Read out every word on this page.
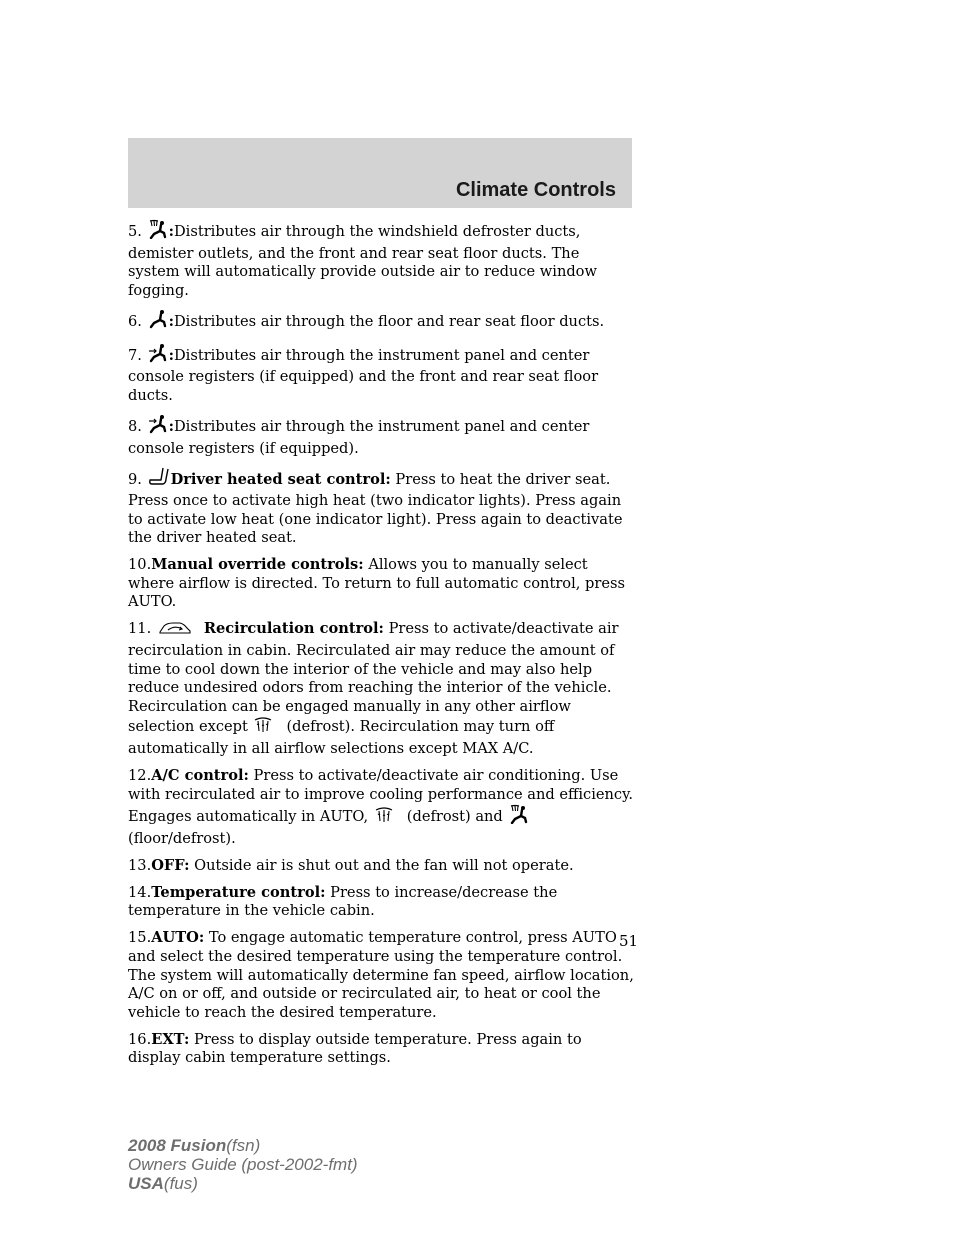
Climate Controls

5. :Distributes air through the windshield defroster ducts, demister outlets, and the front and rear seat floor ducts. The system will automatically provide outside air to reduce window fogging.

6. :Distributes air through the floor and rear seat floor ducts.

7. :Distributes air through the instrument panel and center console registers (if equipped) and the front and rear seat floor ducts.

8. :Distributes air through the instrument panel and center console registers (if equipped).

9. Driver heated seat control: Press to heat the driver seat. Press once to activate high heat (two indicator lights). Press again to activate low heat (one indicator light). Press again to deactivate the driver heated seat.

10.Manual override controls: Allows you to manually select where airflow is directed. To return to full automatic control, press AUTO.

11.	Recirculation control: Press to activate/deactivate air recirculation in cabin. Recirculated air may reduce the amount of time to cool down the interior of the vehicle and may also help reduce undesired odors from reaching the interior of the vehicle. Recirculation can be engaged manually in any other airflow selection except	(defrost). Recirculation may turn off automatically in all airflow selections except MAX A/C.

12.A/C control: Press to activate/deactivate air conditioning. Use with recirculated air to improve cooling performance and efficiency. Engages automatically in AUTO,	(defrost) and (floor/defrost).

13.OFF: Outside air is shut out and the fan will not operate.

14.Temperature control: Press to increase/decrease the temperature in the vehicle cabin.

15.AUTO: To engage automatic temperature control, press AUTO and select the desired temperature using the temperature control. The system will automatically determine fan speed, airflow location, A/C on or off, and outside or recirculated air, to heat or cool the vehicle to reach the desired temperature.

16.EXT: Press to display outside temperature. Press again to display cabin temperature settings.

51
2008 Fusion(fsn)
Owners Guide (post-2002-fmt)
USA(fus)
